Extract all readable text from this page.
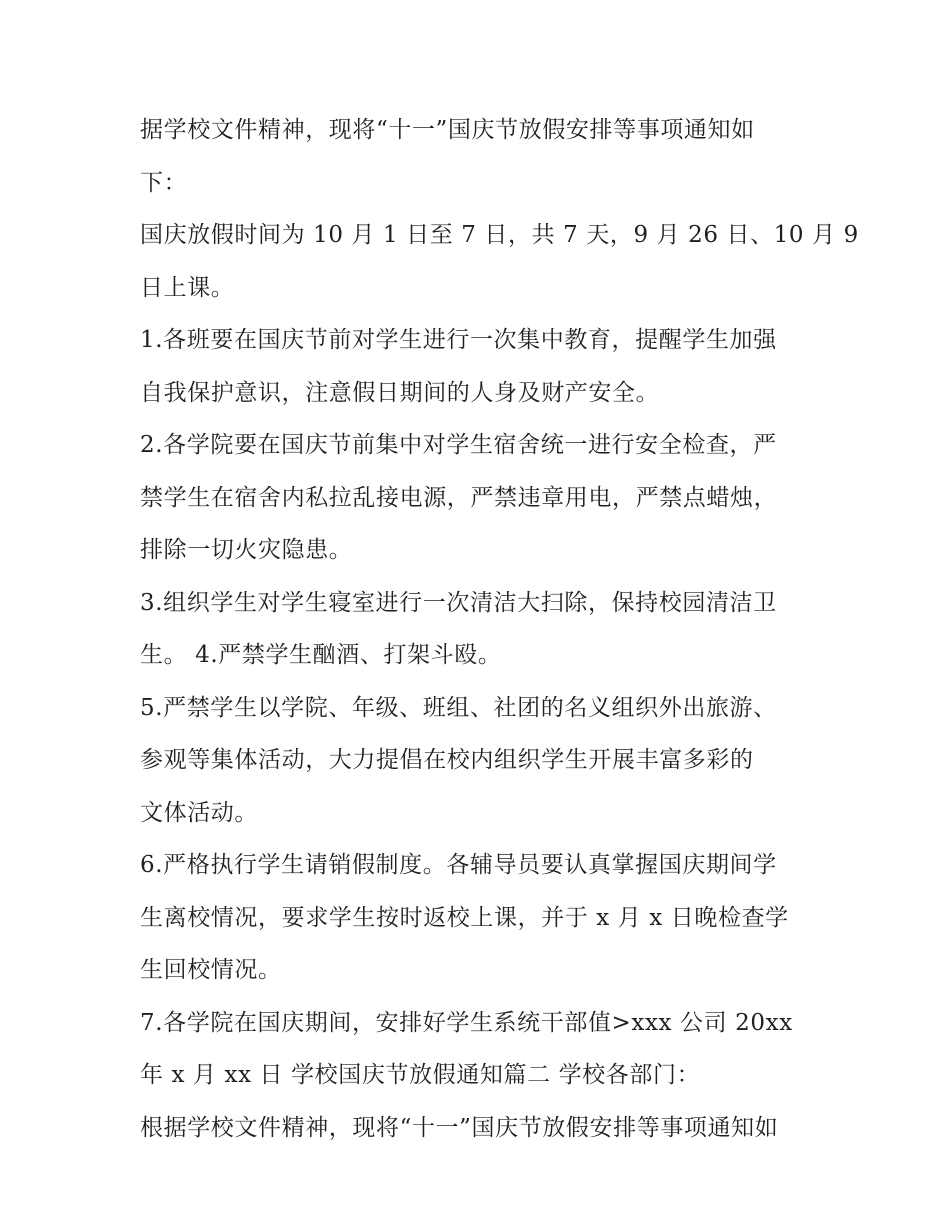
据学校文件精神，现将“十一”国庆节放假安排等事项通知如

下：

国庆放假时间为 10 月 1 日至 7 日，共 7 天，9 月 26 日、10 月 9

日上课。

1.各班要在国庆节前对学生进行一次集中教育，提醒学生加强

自我保护意识，注意假日期间的人身及财产安全。

2.各学院要在国庆节前集中对学生宿舍统一进行安全检查，严

禁学生在宿舍内私拉乱接电源，严禁违章用电，严禁点蜡烛，

排除一切火灾隐患。

3.组织学生对学生寝室进行一次清洁大扫除，保持校园清洁卫

生。 4.严禁学生酗酒、打架斗殴。

5.严禁学生以学院、年级、班组、社团的名义组织外出旅游、

参观等集体活动，大力提倡在校内组织学生开展丰富多彩的

文体活动。

6.严格执行学生请销假制度。各辅导员要认真掌握国庆期间学

生离校情况，要求学生按时返校上课，并于 x 月 x 日晚检查学

生回校情况。

7.各学院在国庆期间，安排好学生系统干部值>xxx 公司 20xx

年 x 月 xx 日 学校国庆节放假通知篇二 学校各部门：

根据学校文件精神，现将“十一”国庆节放假安排等事项通知如
